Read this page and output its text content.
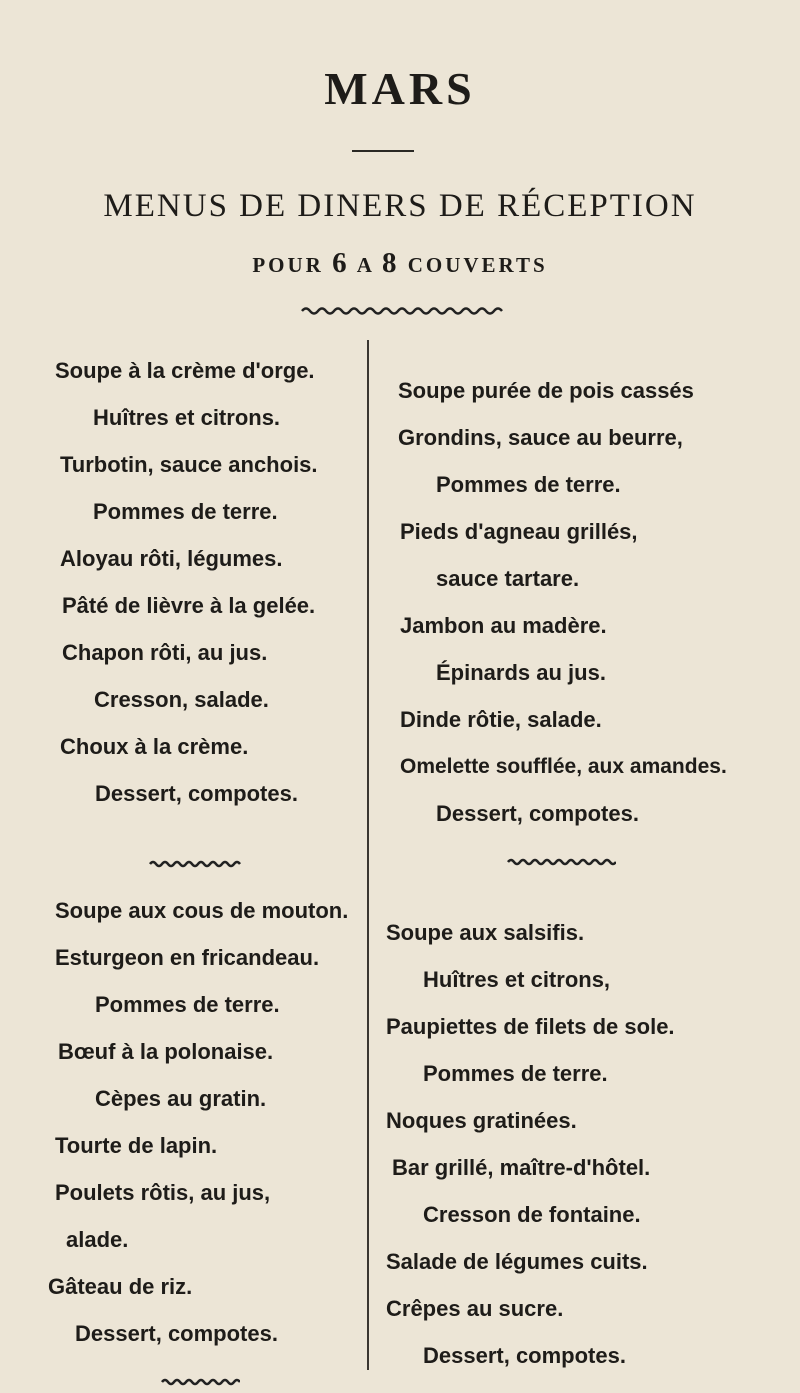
MARS
MENUS DE DINERS DE RÉCEPTION
POUR 6 A 8 COUVERTS
Soupe à la crème d'orge.
Huîtres et citrons.
Turbotin, sauce anchois.
Pommes de terre.
Aloyau rôti, légumes.
Pâté de lièvre à la gelée.
Chapon rôti, au jus.
Cresson, salade.
Choux à la crème.
Dessert, compotes.
Soupe purée de pois cassés
Grondins, sauce au beurre,
Pommes de terre.
Pieds d'agneau grillés,
sauce tartare.
Jambon au madère.
Épinards au jus.
Dinde rôtie, salade.
Omelette soufflée, aux amandes.
Dessert, compotes.
Soupe aux cous de mouton.
Esturgeon en fricandeau.
Pommes de terre.
Bœuf à la polonaise.
Cèpes au gratin.
Tourte de lapin.
Poulets rôtis, au jus,
alade.
Gâteau de riz.
Dessert, compotes.
Soupe aux salsifis.
Huîtres et citrons,
Paupiettes de filets de sole.
Pommes de terre.
Noques gratinées.
Bar grillé, maître-d'hôtel.
Cresson de fontaine.
Salade de légumes cuits.
Crêpes au sucre.
Dessert, compotes.
